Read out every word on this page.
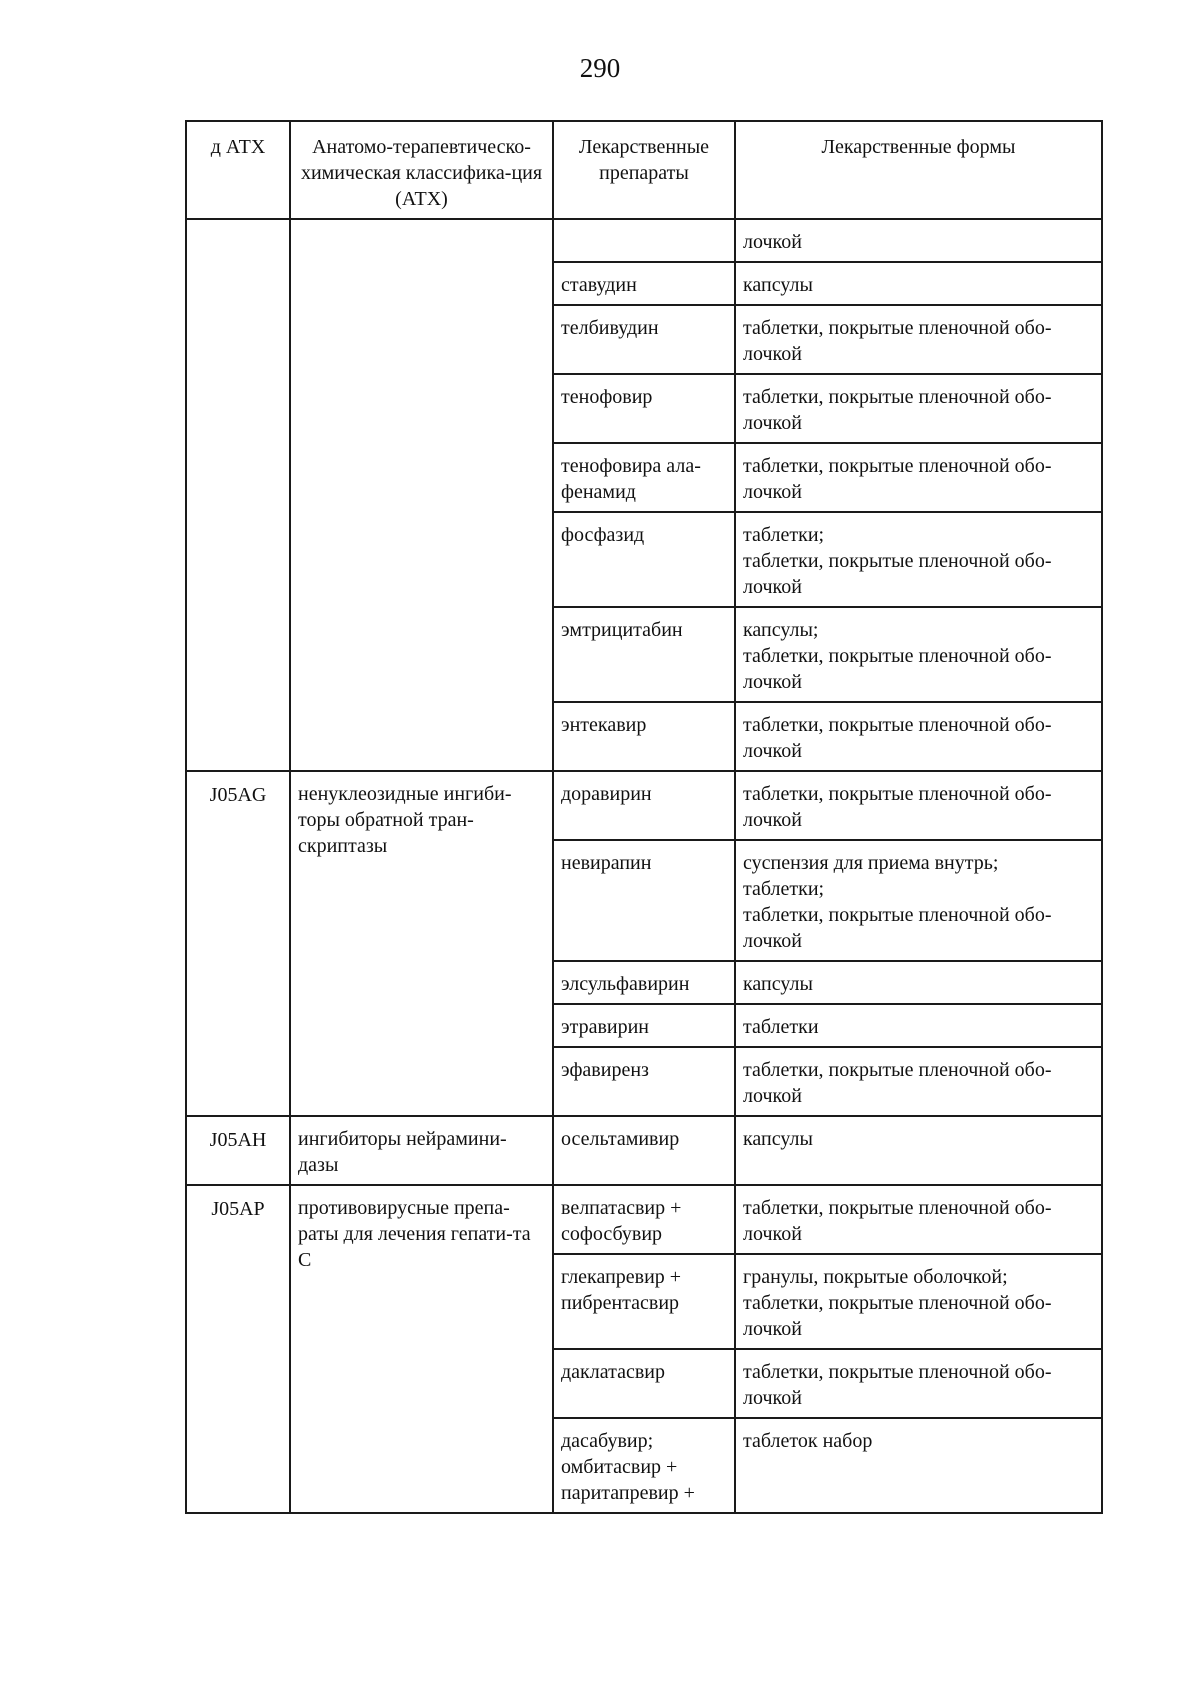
290
д АТХ	Анатомо-терапевтическо-химическая классифика-ция (АТХ)	Лекарственные препараты	Лекарственные формы

			лочкой

		ставудин	капсулы

		телбивудин	таблетки, покрытые пленочной обо-лочкой

		тенофовир	таблетки, покрытые пленочной обо-лочкой

		тенофовира ала-фенамид	таблетки, покрытые пленочной обо-лочкой

		фосфазид	таблетки;
таблетки, покрытые пленочной обо-лочкой

		эмтрицитабин	капсулы;
таблетки, покрытые пленочной обо-лочкой

		энтекавир	таблетки, покрытые пленочной обо-лочкой

J05AG	ненуклеозидные ингиби-торы обратной тран-скриптазы	доравирин	таблетки, покрытые пленочной обо-лочкой

		невирапин	суспензия для приема внутрь;
таблетки;
таблетки, покрытые пленочной обо-лочкой

		элсульфавирин	капсулы

		этравирин	таблетки

		эфавиренз	таблетки, покрытые пленочной обо-лочкой

J05AH	ингибиторы нейрамини-дазы	осельтамивир	капсулы

J05AP	противовирусные препа-раты для лечения гепати-та С	велпатасвир + софосбувир	таблетки, покрытые пленочной обо-лочкой

		глекапревир + пибрентасвир	гранулы, покрытые оболочкой;
таблетки, покрытые пленочной обо-лочкой

		даклатасвир	таблетки, покрытые пленочной обо-лочкой

		дасабувир; омбитасвир + паритапревир +	таблеток набор
